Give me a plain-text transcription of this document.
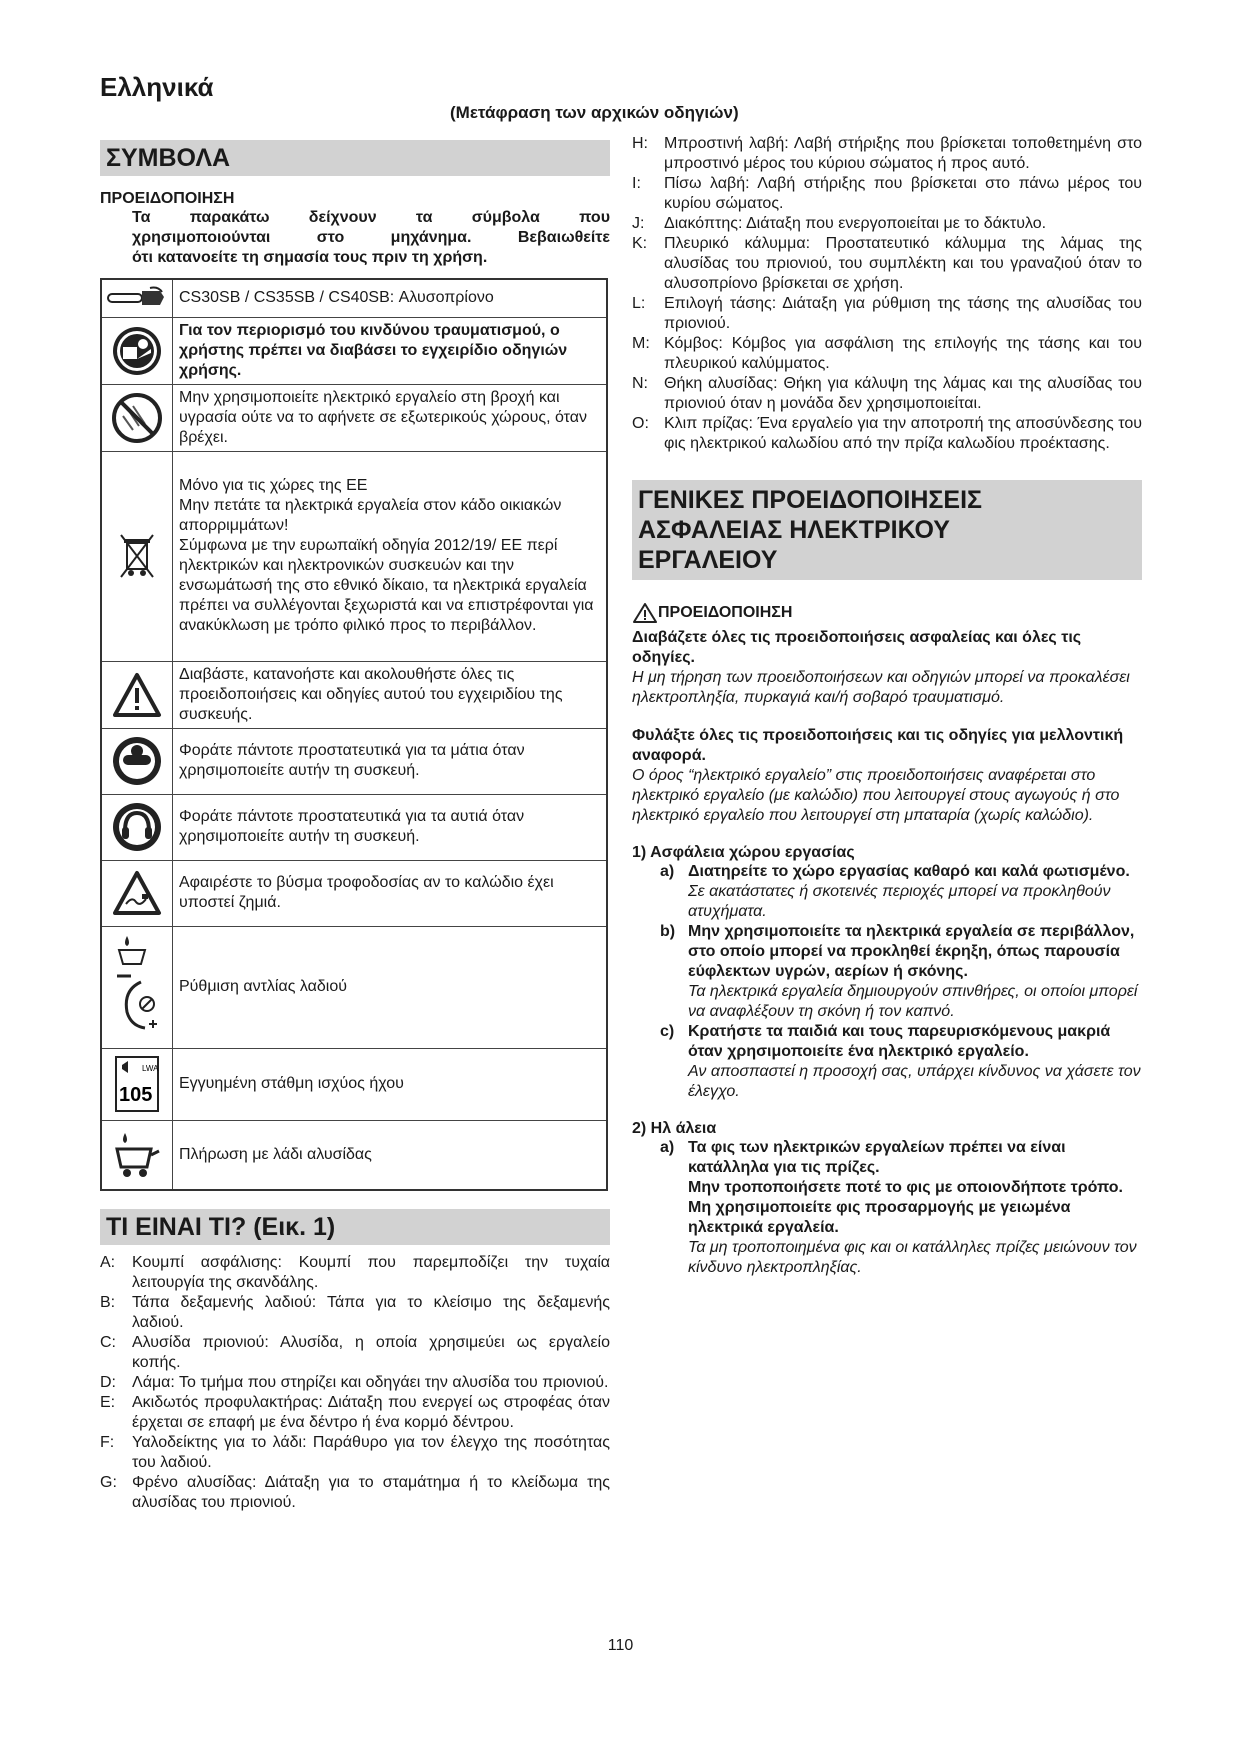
Ελληνικά
(Μετάφραση των αρχικών οδηγιών)
ΣΥΜΒΟΛΑ
ΠΡΟΕΙΔΟΠΟΙΗΣΗ
Τα παρακάτω δείχνουν τα σύμβολα που
χρησιμοποιούνται στο μηχάνημα. Βεβαιωθείτε
ότι κατανοείτε τη σημασία τους πριν τη χρήση.
	CS30SB / CS35SB / CS40SB: Αλυσοπρίονο

	Για τον περιορισμό του κινδύνου τραυματισμού, ο χρήστης πρέπει να διαβάσει το εγχειρίδιο οδηγιών χρήσης.

	Μην χρησιμοποιείτε ηλεκτρικό εργαλείο στη βροχή και υγρασία ούτε να το αφήνετε σε εξωτερικούς χώρους, όταν βρέχει.

Μόνο για τις χώρες της ΕΕ
Μην πετάτε τα ηλεκτρικά εργαλεία στον κάδο οικιακών απορριμμάτων!
Σύμφωνα με την ευρωπαϊκή οδηγία 2012/19/ ΕΕ περί ηλεκτρικών και ηλεκτρονικών συσκευών και την ενσωμάτωσή της στο εθνικό δίκαιο, τα ηλεκτρικά εργαλεία πρέπει να συλλέγονται ξεχωριστά και να επιστρέφονται για ανακύκλωση με τρόπο φιλικό προς το περιβάλλον.

	Διαβάστε, κατανοήστε και ακολουθήστε όλες τις προειδοποιήσεις και οδηγίες αυτού του εγχειριδίου της συσκευής.

	Φοράτε πάντοτε προστατευτικά για τα μάτια όταν χρησιμοποιείτε αυτήν τη συσκευή.

	Φοράτε πάντοτε προστατευτικά για τα αυτιά όταν χρησιμοποιείτε αυτήν τη συσκευή.

	Αφαιρέστε το βύσμα τροφοδοσίας αν το καλώδιο έχει υποστεί ζημιά.

	Ρύθμιση αντλίας λαδιού

LWA
105	Εγγυημένη στάθμη ισχύος ήχου

	Πλήρωση με λάδι αλυσίδας
ΤΙ ΕΙΝΑΙ ΤΙ? (Εικ. 1)
A:	Κουμπί ασφάλισης: Κουμπί που παρεμποδίζει την τυχαία λειτουργία της σκανδάλης.
B:	Τάπα δεξαμενής λαδιού: Τάπα για το κλείσιμο της δεξαμενής λαδιού.
C:	Αλυσίδα πριονιού: Αλυσίδα, η οποία χρησιμεύει ως εργαλείο κοπής.
D:	Λάμα: Το τμήμα που στηρίζει και οδηγάει την αλυσίδα του πριονιού.
E:	Ακιδωτός προφυλακτήρας: Διάταξη που ενεργεί ως στροφέας όταν έρχεται σε επαφή με ένα δέντρο ή ένα κορμό δέντρου.
F:	Υαλοδείκτης για το λάδι: Παράθυρο για τον έλεγχο της ποσότητας του λαδιού.
G: Φρένο αλυσίδας: Διάταξη για το σταμάτημα ή το κλείδωμα της αλυσίδας του πριονιού.
H:	Μπροστινή λαβή: Λαβή στήριξης που βρίσκεται τοποθετημένη στο μπροστινό μέρος του κύριου σώματος ή προς αυτό.
I:	Πίσω λαβή: Λαβή στήριξης που βρίσκεται στο πάνω μέρος του κυρίου σώματος.
J:	Διακόπτης: Διάταξη που ενεργοποιείται με το δάκτυλο.
K:	Πλευρικό κάλυμμα: Προστατευτικό κάλυμμα της λάμας της αλυσίδας του πριονιού, του συμπλέκτη και του γραναζιού όταν το αλυσοπρίονο βρίσκεται σε χρήση.
L:	Επιλογή τάσης: Διάταξη για ρύθμιση της τάσης της αλυσίδας του πριονιού.
M: Κόμβος: Κόμβος για ασφάλιση της επιλογής της τάσης και του πλευρικού καλύμματος.
N:	Θήκη αλυσίδας: Θήκη για κάλυψη της λάμας και της αλυσίδας του πριονιού όταν η μονάδα δεν χρησιμοποιείται.
O: Κλιπ πρίζας: Ένα εργαλείο για την αποτροπή της αποσύνδεσης του φις ηλεκτρικού καλωδίου από την πρίζα καλωδίου προέκτασης.
ΓΕΝΙΚΕΣ ΠΡΟΕΙΔΟΠΟΙΗΣΕΙΣ
ΑΣΦΑΛΕΙΑΣ ΗΛΕΚΤΡΙΚΟΥ
ΕΡΓΑΛΕΙΟΥ
ΠΡΟΕΙΔΟΠΟΙΗΣΗ
Διαβάζετε όλες τις προειδοποιήσεις ασφαλείας και όλες τις οδηγίες.
Η μη τήρηση των προειδοποιήσεων και οδηγιών μπορεί να προκαλέσει ηλεκτροπληξία, πυρκαγιά και/ή σοβαρό τραυματισμό.
Φυλάξτε όλες τις προειδοποιήσεις και τις οδηγίες για μελλοντική αναφορά.
Ο όρος “ηλεκτρικό εργαλείο” στις προειδοποιήσεις αναφέρεται στο ηλεκτρικό εργαλείο (με καλώδιο) που λειτουργεί στους αγωγούς ή στο ηλεκτρικό εργαλείο που λειτουργεί στη μπαταρία (χωρίς καλώδιο).
1) Ασφάλεια χώρου εργασίας
a) Διατηρείτε το χώρο εργασίας καθαρό και καλά φωτισμένο.
Σε ακατάστατες ή σκοτεινές περιοχές μπορεί να προκληθούν ατυχήματα.
b) Μην χρησιμοποιείτε τα ηλεκτρικά εργαλεία σε περιβάλλον, στο οποίο μπορεί να προκληθεί έκρηξη, όπως παρουσία εύφλεκτων υγρών, αερίων ή σκόνης.
Τα ηλεκτρικά εργαλεία δημιουργούν σπινθήρες, οι οποίοι μπορεί να αναφλέξουν τη σκόνη ή τον καπνό.
c) Κρατήστε τα παιδιά και τους παρευρισκόμενους μακριά όταν χρησιμοποιείτε ένα ηλεκτρικό εργαλείο.
Αν αποσπαστεί η προσοχή σας, υπάρχει κίνδυνος να χάσετε τον έλεγχο.
2) Ηλ άλεια
a) Τα φις των ηλεκτρικών εργαλείων πρέπει να είναι κατάλληλα για τις πρίζες.
Μην τροποποιήσετε ποτέ το φις με οποιονδήποτε τρόπο.
Μη χρησιμοποιείτε φις προσαρμογής με γειωμένα ηλεκτρικά εργαλεία.
Τα μη τροποποιημένα φις και οι κατάλληλες πρίζες μειώνουν τον κίνδυνο ηλεκτροπληξίας.
110
